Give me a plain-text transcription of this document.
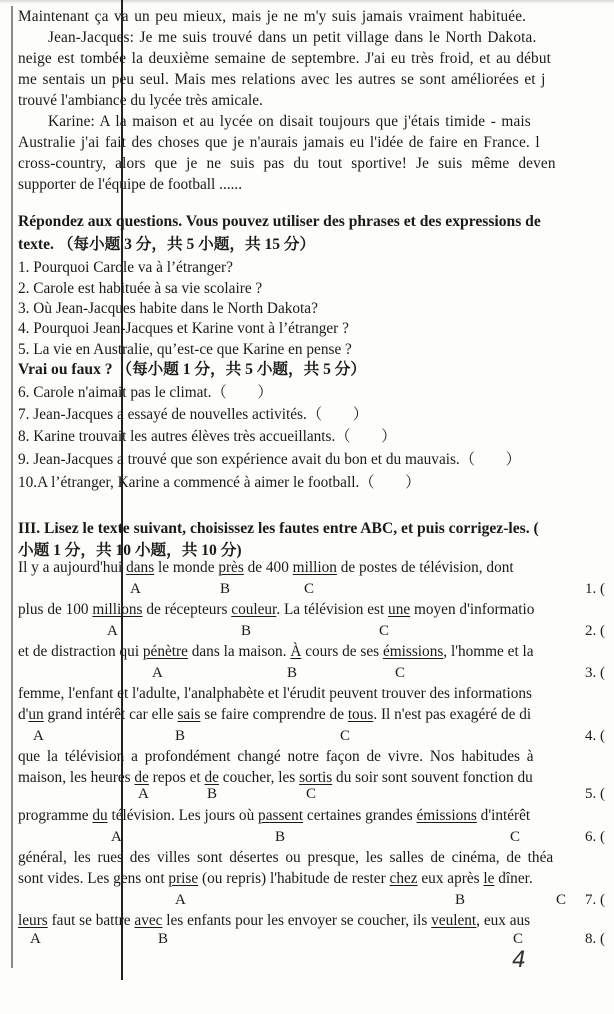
Maintenant ça va un peu mieux, mais je ne m'y suis jamais vraiment habituée.
Jean-Jacques: Je me suis trouvé dans un petit village dans le North Dakota.
neige est tombée la deuxième semaine de septembre. J'ai eu très froid, et au début
me sentais un peu seul. Mais mes relations avec les autres se sont améliorées et j
trouvé l'ambiance du lycée très amicale.
Karine: A la maison et au lycée on disait toujours que j'étais timide - mais
Australie j'ai fait des choses que je n'aurais jamais eu l'idée de faire en France. l
cross-country, alors que je ne suis pas du tout sportive! Je suis même deven
supporter de l'équipe de football ......
Répondez aux questions. Vous pouvez utiliser des phrases et des expressions de
texte. （每小题 3 分，共 5 小题，共 15 分）
1. Pourquoi Carole va à l’étranger?
2. Carole est habituée à sa vie scolaire ?
3. Où Jean-Jacques habite dans le North Dakota?
4. Pourquoi Jean-Jacques et Karine vont à l’étranger ?
5. La vie en Australie, qu’est-ce que Karine en pense ?
Vrai ou faux ? （每小题 1 分，共 5 小题，共 5 分）
6. Carole n'aimait pas le climat.（　　）
7. Jean-Jacques a essayé de nouvelles activités.（　　）
8. Karine trouvait les autres élèves très accueillants.（　　）
9. Jean-Jacques a trouvé que son expérience avait du bon et du mauvais.（　　）
10.A l’étranger, Karine a commencé à aimer le football.（　　）
III. Lisez le texte suivant, choisissez les fautes entre ABC, et puis corrigez-les. (
小题 1 分，共 10 小题，共 10 分)
Il y a aujourd'hui dans le monde près de 400 million de postes de télévision, dont
A	B	C	1. (
plus de 100 millions de récepteurs couleur. La télévision est une moyen d'informatio
A	B	C	2. (
et de distraction qui pénètre dans la maison. À cours de ses émissions, l'homme et la
A	B	C	3. (
femme, l'enfant et l'adulte, l'analphabète et l'érudit peuvent trouver des informations
d'un grand intérêt car elle sais se faire comprendre de tous. Il n'est pas exagéré de di
A	B	C	4. (
que la télévision a profondément changé notre façon de vivre. Nos habitudes à
maison, les heures de repos et de coucher, les sortis du soir sont souvent fonction du
A	B	C	5. (
programme du télévision. Les jours où passent certaines grandes émissions d'intérêt
A	B	C	6. (
général, les rues des villes sont désertes ou presque, les salles de cinéma, de théa
sont vides. Les gens ont prise (ou repris) l'habitude de rester chez eux après le dîner.
A	B	C 7. (
leurs faut se battre avec les enfants pour les envoyer se coucher, ils veulent, eux aus
A	B	C	8. (
4
